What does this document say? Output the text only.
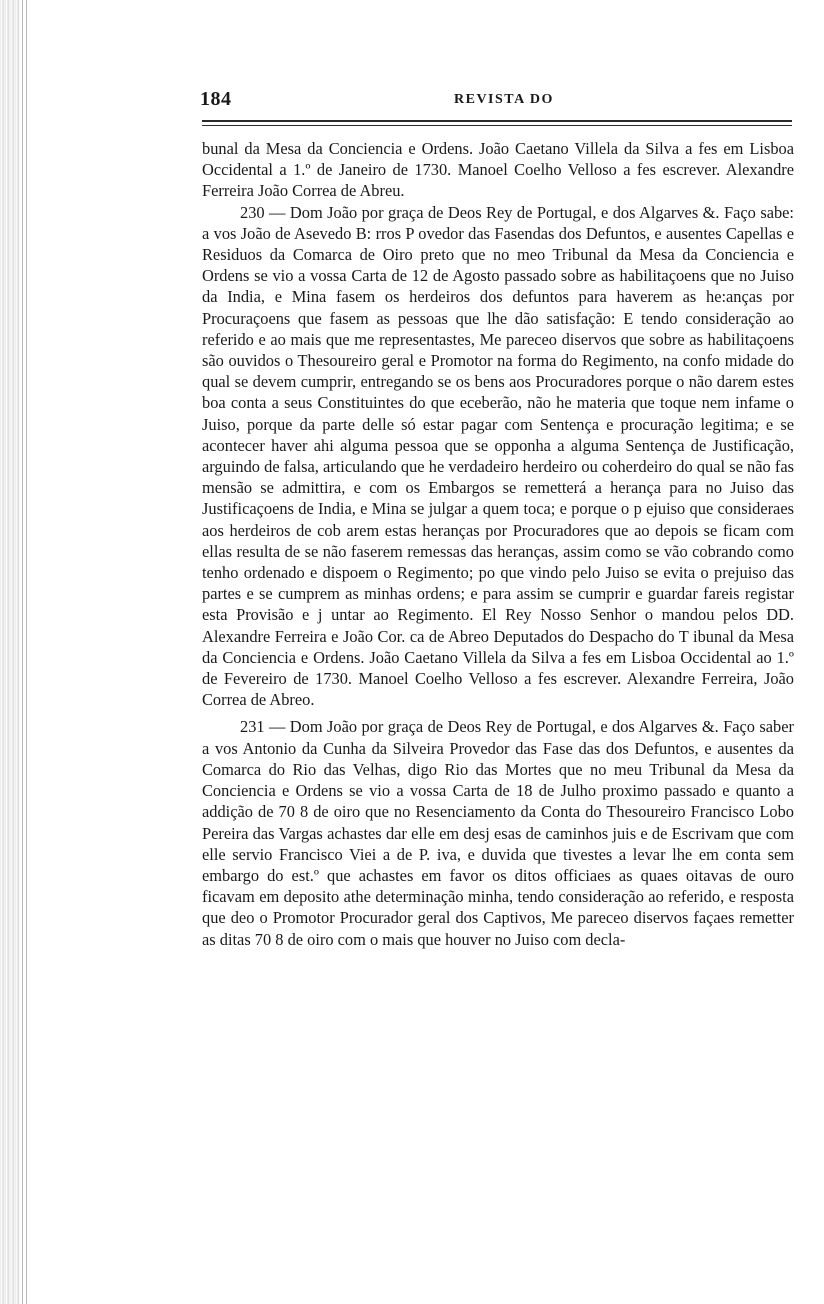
184	REVISTA DO

bunal da Mesa da Conciencia e Ordens. João Caetano Villela da Silva a fes em Lisboa Occidental a 1.º de Janeiro de 1730. Manoel Coelho Velloso a fes escrever. Alexandre Ferreira João Correa de Abreu.

230 — Dom João por graça de Deos Rey de Portugal, e dos Algarves &. Faço sabe: a vos João de Asevedo B: rros P ovedor das Fasendas dos Defuntos, e ausentes Capellas e Residuos da Comarca de Oiro preto que no meo Tribunal da Mesa da Conciencia e Ordens se vio a vossa Carta de 12 de Agosto passado sobre as habilitaçoens que no Juiso da India, e Mina fasem os herdeiros dos defuntos para haverem as he:anças por Procuraçoens que fasem as pessoas que lhe dão satisfação: E tendo consideração ao referido e ao mais que me representastes, Me pareceo diservos que sobre as habilitaçoens são ouvidos o Thesoureiro geral e Promotor na forma do Regimento, na confo midade do qual se devem cumprir, entregando se os bens aos Procuradores porque o não darem estes boa conta a seus Constituintes do que eceberão, não he materia que toque nem infame o Juiso, porque da parte delle só estar pagar com Sentença e procuração legitima; e se acontecer haver ahi alguma pessoa que se opponha a alguma Sentença de Justificação, arguindo de falsa, articulando que he verdadeiro herdeiro ou coherdeiro do qual se não fas mensão se admittira, e com os Embargos se remetterá a herança para no Juiso das Justificaçoens de India, e Mina se julgar a quem toca; e porque o p ejuiso que consideraes aos herdeiros de cob arem estas heranças por Procuradores que ao depois se ficam com ellas resulta de se não faserem remessas das heranças, assim como se vão cobrando como tenho ordenado e dispoem o Regimento; po que vindo pelo Juiso se evita o prejuiso das partes e se cumprem as minhas ordens; e para assim se cumprir e guardar fareis registar esta Provisão e j untar ao Regimento. El Rey Nosso Senhor o mandou pelos DD. Alexandre Ferreira e João Cor. ca de Abreo Deputados do Despacho do T ibunal da Mesa da Conciencia e Ordens. João Caetano Villela da Silva a fes em Lisboa Occidental ao 1.º de Fevereiro de 1730. Manoel Coelho Velloso a fes escrever. Alexandre Ferreira, João Correa de Abreo.

231 — Dom João por graça de Deos Rey de Portugal, e dos Algarves &. Faço saber a vos Antonio da Cunha da Silveira Provedor das Fase das dos Defuntos, e ausentes da Comarca do Rio das Velhas, digo Rio das Mortes que no meu Tribunal da Mesa da Conciencia e Ordens se vio a vossa Carta de 18 de Julho proximo passado e quanto a addição de 70 8 de oiro que no Resenciamento da Conta do Thesoureiro Francisco Lobo Pereira das Vargas achastes dar elle em desj esas de caminhos juis e de Escrivam que com elle servio Francisco Viei a de P. iva, e duvida que tivestes a levar lhe em conta sem embargo do est.º que achastes em favor os ditos officiaes as quaes oitavas de ouro ficavam em deposito athe determinação minha, tendo consideração ao referido, e resposta que deo o Promotor Procurador geral dos Captivos, Me pareceo diservos façaes remetter as ditas 70 8 de oiro com o mais que houver no Juiso com decla-
